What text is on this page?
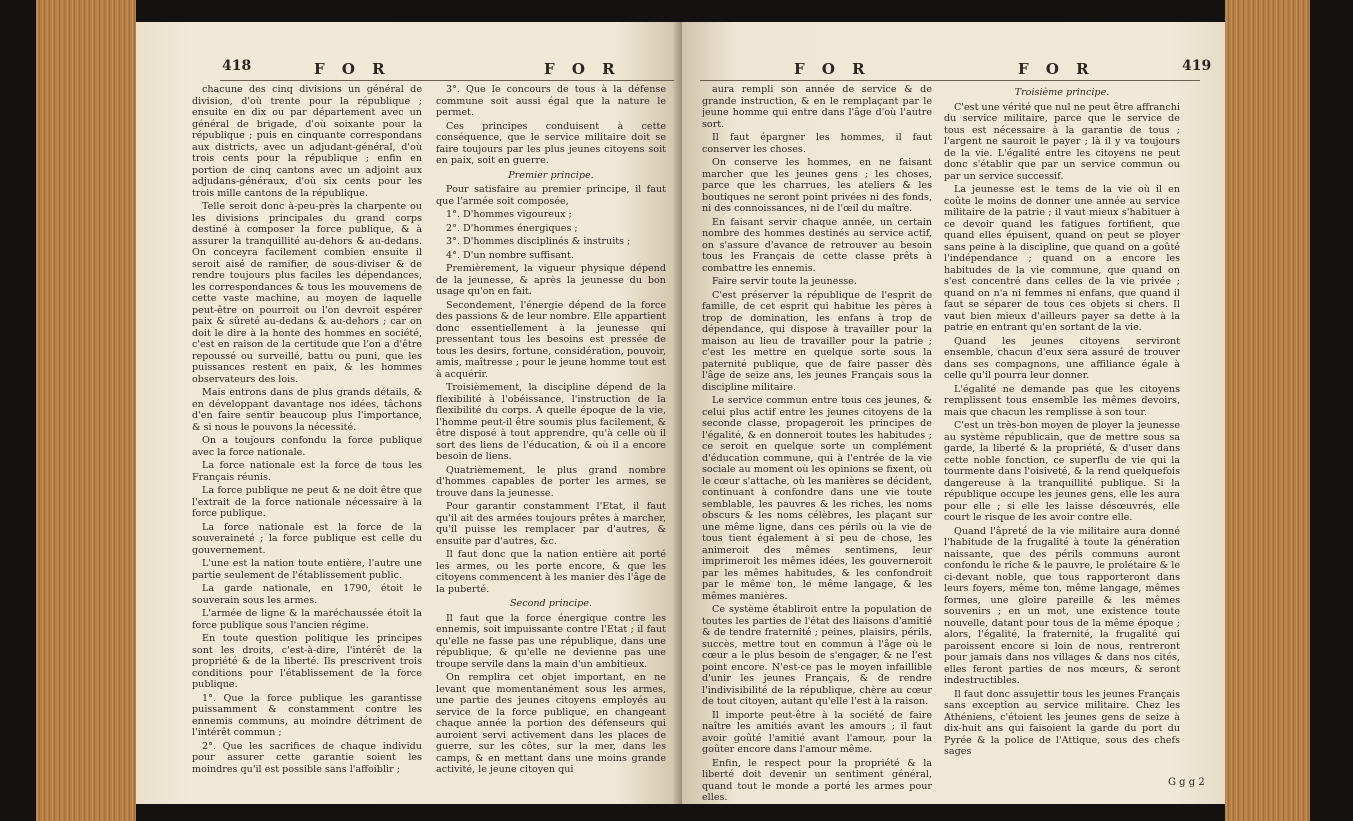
418	F O R	F O R

chacune des cinq divisions un général de division, d'où trente pour la république ; ensuite en dix ou par département avec un général de brigade, d'où soixante pour la république ; puis en cinquante correspondans aux districts, avec un adjudant-général, d'où trois cents pour la république ; enfin en portion de cinq cantons avec un adjoint aux adjudans-généraux, d'où six cents pour les trois mille cantons de la république.

Telle seroit donc à-peu-près la charpente ou les divisions principales du grand corps destiné à composer la force publique, & à assurer la tranquillité au-dehors & au-dedans. On conceyra facilement combien ensuite il seroit aisé de ramifier, de sous-diviser & de rendre toujours plus faciles les dépendances, les correspondances & tous les mouvemens de cette vaste machine, au moyen de laquelle peut-être on pourroit ou l'on devroit espérer paix & sûreté au-dedans & au-dehors ; car on doit le dire à la honte des hommes en société, c'est en raison de la certitude que l'on a d'être repoussé ou surveillé, battu ou puni, que les puissances restent en paix, & les hommes observateurs des lois.

Mais entrons dans de plus grands détails, & en développant davantage nos idées, tâchons d'en faire sentir beaucoup plus l'importance, & si nous le pouvons la nécessité.

On a toujours confondu la force publique avec la force nationale.

La force nationale est la force de tous les Français réunis.

La force publique ne peut & ne doit être que l'extrait de la force nationale nécessaire à la force publique.

La force nationale est la force de la souveraineté ; la force publique est celle du gouvernement.

L'une est la nation toute entière, l'autre une partie seulement de l'établissement public.

La garde nationale, en 1790, étoit le souverain sous les armes.

L'armée de ligne & la maréchaussée étoit la force publique sous l'ancien régime.

En toute question politique les principes sont les droits, c'est-à-dire, l'intérêt de la propriété & de la liberté. Ils prescrivent trois conditions pour l'établissement de la force publique.

1°. Que la force publique les garantisse puissamment & constamment contre les ennemis communs, au moindre détriment de l'intérêt commun ;

2°. Que les sacrifices de chaque individu pour assurer cette garantie soient les moindres qu'il est possible sans l'affoiblir ;

3°. Que le concours de tous à la défense commune soit aussi égal que la nature le permet.

Ces principes conduisent à cette conséquence, que le service militaire doit se faire toujours par les plus jeunes citoyens soit en paix, soit en guerre.

Premier principe.

Pour satisfaire au premier principe, il faut que l'armée soit composée,

1°. D'hommes vigoureux ;

2°. D'hommes énergiques ;

3°. D'hommes disciplinés & instruits ;

4°. D'un nombre suffisant.

Premièrement, la vigueur physique dépend de la jeunesse, & après la jeunesse du bon usage qu'on en fait.

Secondement, l'énergie dépend de la force des passions & de leur nombre. Elle appartient donc essentiellement à la jeunesse qui pressentant tous les besoins est pressée de tous les desirs, fortune, considération, pouvoir, amis, maîtresse ; pour le jeune homme tout est à acquérir.

Troisièmement, la discipline dépend de la flexibilité à l'obéissance, l'instruction de la flexibilité du corps. A quelle époque de la vie, l'homme peut-il être soumis plus facilement, & être disposé à tout apprendre, qu'à celle où il sort des liens de l'éducation, & où il a encore besoin de liens.

Quatrièmement, le plus grand nombre d'hommes capables de porter les armes, se trouve dans la jeunesse.

Pour garantir constamment l'Etat, il faut qu'il ait des armées toujours prêtes à marcher, qu'il puisse les remplacer par d'autres, & ensuite par d'autres, &c.

Il faut donc que la nation entière ait porté les armes, ou les porte encore, & que les citoyens commencent à les manier dès l'âge de la puberté.

Second principe.

Il faut que la force énergique contre les ennemis, soit impuissante contre l'Etat ; il faut qu'elle ne fasse pas une république, dans une république, & qu'elle ne devienne pas une troupe servile dans la main d'un ambitieux.

On remplira cet objet important, en ne levant que momentanément sous les armes, une partie des jeunes citoyens employés au service de la force publique, en changeant chaque année la portion des défenseurs qui auroient servi activement dans les places de guerre, sur les côtes, sur la mer, dans les camps, & en mettant dans une moins grande activité, le jeune citoyen qui

F O R	F O R	419

aura rempli son année de service & de grande instruction, & en le remplaçant par le jeune homme qui entre dans l'âge d'où l'autre sort.

Il faut épargner les hommes, il faut conserver les choses.

On conserve les hommes, en ne faisant marcher que les jeunes gens ; les choses, parce que les charrues, les ateliers & les boutiques ne seront point privées ni des fonds, ni des connoissances, ni de l'œil du maître.

En faisant servir chaque année, un certain nombre des hommes destinés au service actif, on s'assure d'avance de retrouver au besoin tous les Français de cette classe prêts à combattre les ennemis.

Faire servir toute la jeunesse.

C'est préserver la république de l'esprit de famille, de cet esprit qui habitue les pères à trop de domination, les enfans à trop de dépendance, qui dispose à travailler pour la maison au lieu de travailler pour la patrie ; c'est les mettre en quelque sorte sous la paternité publique, que de faire passer dès l'âge de seize ans, les jeunes Français sous la discipline militaire.

Le service commun entre tous ces jeunes, & celui plus actif entre les jeunes citoyens de la seconde classe, propageroit les principes de l'égalité, & en donneroit toutes les habitudes ; ce seroit en quelque sorte un complément d'éducation commune, qui à l'entrée de la vie sociale au moment où les opinions se fixent, où le cœur s'attache, où les manières se décident, continuant à confondre dans une vie toute semblable, les pauvres & les riches, les noms obscurs & les noms célèbres, les plaçant sur une même ligne, dans ces périls où la vie de tous tient également à si peu de chose, les animeroit des mêmes sentimens, leur imprimeroit les mêmes idées, les gouverneroit par les mêmes habitudes, & les confondroit par le même ton, le même langage, & les mêmes manières.

Ce système établiroit entre la population de toutes les parties de l'état des liaisons d'amitié & de tendre fraternité ; peines, plaisirs, périls, succès, mettre tout en commun à l'âge où le cœur a le plus besoin de s'engager, & ne l'est point encore. N'est-ce pas le moyen infaillible d'unir les jeunes Français, & de rendre l'indivisibilité de la république, chère au cœur de tout citoyen, autant qu'elle l'est à la raison.

Il importe peut-être à la société de faire naître les amitiés avant les amours ; il faut avoir goûté l'amitié avant l'amour, pour la goûter encore dans l'amour même.

Enfin, le respect pour la propriété & la liberté doit devenir un sentiment général, quand tout le monde a porté les armes pour elles.

Troisième principe.

C'est une vérité que nul ne peut être affranchi du service militaire, parce que le service de tous est nécessaire à la garantie de tous ; l'argent ne sauroit le payer ; là il y va toujours de la vie. L'égalité entre les citoyens ne peut donc s'établir que par un service commun ou par un service successif.

La jeunesse est le tems de la vie où il en coûte le moins de donner une année au service militaire de la patrie ; il vaut mieux s'habituer à ce devoir quand les fatigues fortifient, que quand elles épuisent, quand on peut se ployer sans peine à la discipline, que quand on a goûté l'indépendance ; quand on a encore les habitudes de la vie commune, que quand on s'est concentré dans celles de la vie privée ; quand on n'a ni femmes ni enfans, que quand il faut se séparer de tous ces objets si chers. Il vaut bien mieux d'ailleurs payer sa dette à la patrie en entrant qu'en sortant de la vie.

Quand les jeunes citoyens serviront ensemble, chacun d'eux sera assuré de trouver dans ses compagnons, une affiliance égale à celle qu'il pourra leur donner.

L'égalité ne demande pas que les citoyens remplissent tous ensemble les mêmes devoirs, mais que chacun les remplisse à son tour.

C'est un très-bon moyen de ployer la jeunesse au système républicain, que de mettre sous sa garde, la liberté & la propriété, & d'user dans cette noble fonction, ce superflu de vie qui la tourmente dans l'oisiveté, & la rend quelquefois dangereuse à la tranquillité publique. Si la république occupe les jeunes gens, elle les aura pour elle ; si elle les laisse désœuvrés, elle court le risque de les avoir contre elle.

Quand l'âpreté de la vie militaire aura donné l'habitude de la frugalité à toute la génération naissante, que des périls communs auront confondu le riche & le pauvre, le prolétaire & le ci-devant noble, que tous rapporteront dans leurs foyers, même ton, même langage, mêmes formes, une gloire pareille & les mêmes souvenirs ; en un mot, une existence toute nouvelle, datant pour tous de la même époque ; alors, l'égalité, la fraternité, la frugalité qui paroissent encore si loin de nous, rentreront pour jamais dans nos villages & dans nos cités, elles feront parties de nos mœurs, & seront indestructibles.

Il faut donc assujettir tous les jeunes Français sans exception au service militaire. Chez les Athéniens, c'étoient les jeunes gens de seize à dix-huit ans qui faisoient la garde du port du Pyrée & la police de l'Attique, sous des chefs sages

G g g 2
